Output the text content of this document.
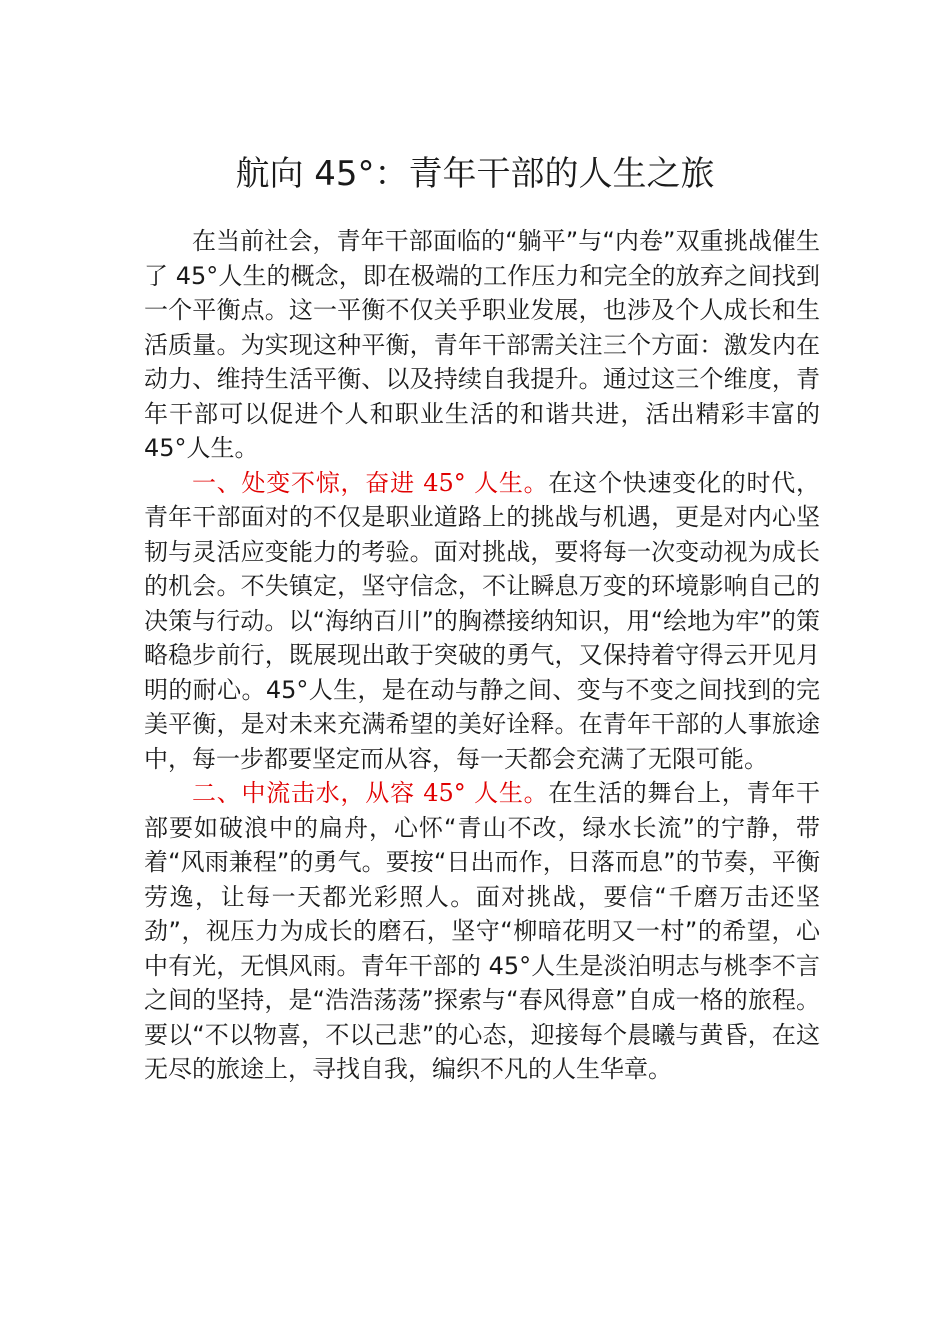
航向 45°：青年干部的人生之旅

在当前社会，青年干部面临的“躺平”与“内卷”双重挑战催生了 45°人生的概念，即在极端的工作压力和完全的放弃之间找到一个平衡点。这一平衡不仅关乎职业发展，也涉及个人成长和生活质量。为实现这种平衡，青年干部需关注三个方面：激发内在动力、维持生活平衡、以及持续自我提升。通过这三个维度，青年干部可以促进个人和职业生活的和谐共进，活出精彩丰富的 45°人生。

一、处变不惊，奋进 45° 人生。在这个快速变化的时代，青年干部面对的不仅是职业道路上的挑战与机遇，更是对内心坚韧与灵活应变能力的考验。面对挑战，要将每一次变动视为成长的机会。不失镇定，坚守信念，不让瞬息万变的环境影响自己的决策与行动。以“海纳百川”的胸襟接纳知识，用“绘地为牢”的策略稳步前行，既展现出敢于突破的勇气，又保持着守得云开见月明的耐心。45°人生，是在动与静之间、变与不变之间找到的完美平衡，是对未来充满希望的美好诠释。在青年干部的人事旅途中，每一步都要坚定而从容，每一天都会充满了无限可能。

二、中流击水，从容 45° 人生。在生活的舞台上，青年干部要如破浪中的扁舟，心怀“青山不改，绿水长流”的宁静，带着“风雨兼程”的勇气。要按“日出而作，日落而息”的节奏，平衡劳逸，让每一天都光彩照人。面对挑战，要信“千磨万击还坚劲”，视压力为成长的磨石，坚守“柳暗花明又一村”的希望，心中有光，无惧风雨。青年干部的 45°人生是淡泊明志与桃李不言之间的坚持，是“浩浩荡荡”探索与“春风得意”自成一格的旅程。要以“不以物喜，不以己悲”的心态，迎接每个晨曦与黄昏，在这无尽的旅途上，寻找自我，编织不凡的人生华章。
